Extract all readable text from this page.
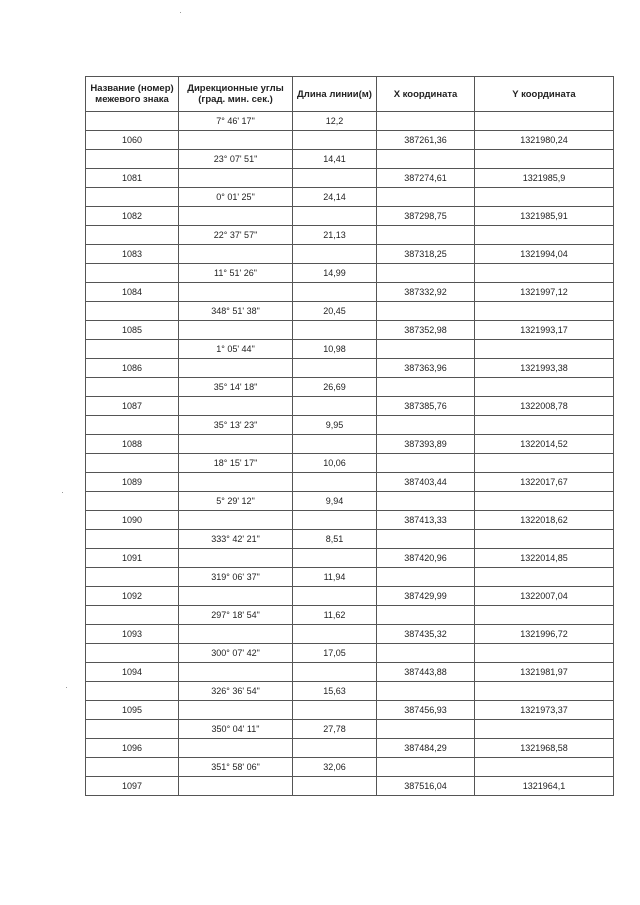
Название (номер) межевого знака	Дирекционные углы (град. мин. сек.)	Длина линии(м)	X координата	Y координата
	7° 46' 17"	12,2		
1060			387261,36	1321980,24
	23° 07' 51"	14,41		
1081			387274,61	1321985,9
	0° 01' 25"	24,14		
1082			387298,75	1321985,91
	22° 37' 57"	21,13		
1083			387318,25	1321994,04
	11° 51' 26"	14,99		
1084			387332,92	1321997,12
	348° 51' 38"	20,45		
1085			387352,98	1321993,17
	1° 05' 44"	10,98		
1086			387363,96	1321993,38
	35° 14' 18"	26,69		
1087			387385,76	1322008,78
	35° 13' 23"	9,95		
1088			387393,89	1322014,52
	18° 15' 17"	10,06		
1089			387403,44	1322017,67
	5° 29' 12"	9,94		
1090			387413,33	1322018,62
	333° 42' 21"	8,51		
1091			387420,96	1322014,85
	319° 06' 37"	11,94		
1092			387429,99	1322007,04
	297° 18' 54"	11,62		
1093			387435,32	1321996,72
	300° 07' 42"	17,05		
1094			387443,88	1321981,97
	326° 36' 54"	15,63		
1095			387456,93	1321973,37
	350° 04' 11"	27,78		
1096			387484,29	1321968,58
	351° 58' 06"	32,06		
1097			387516,04	1321964,1
